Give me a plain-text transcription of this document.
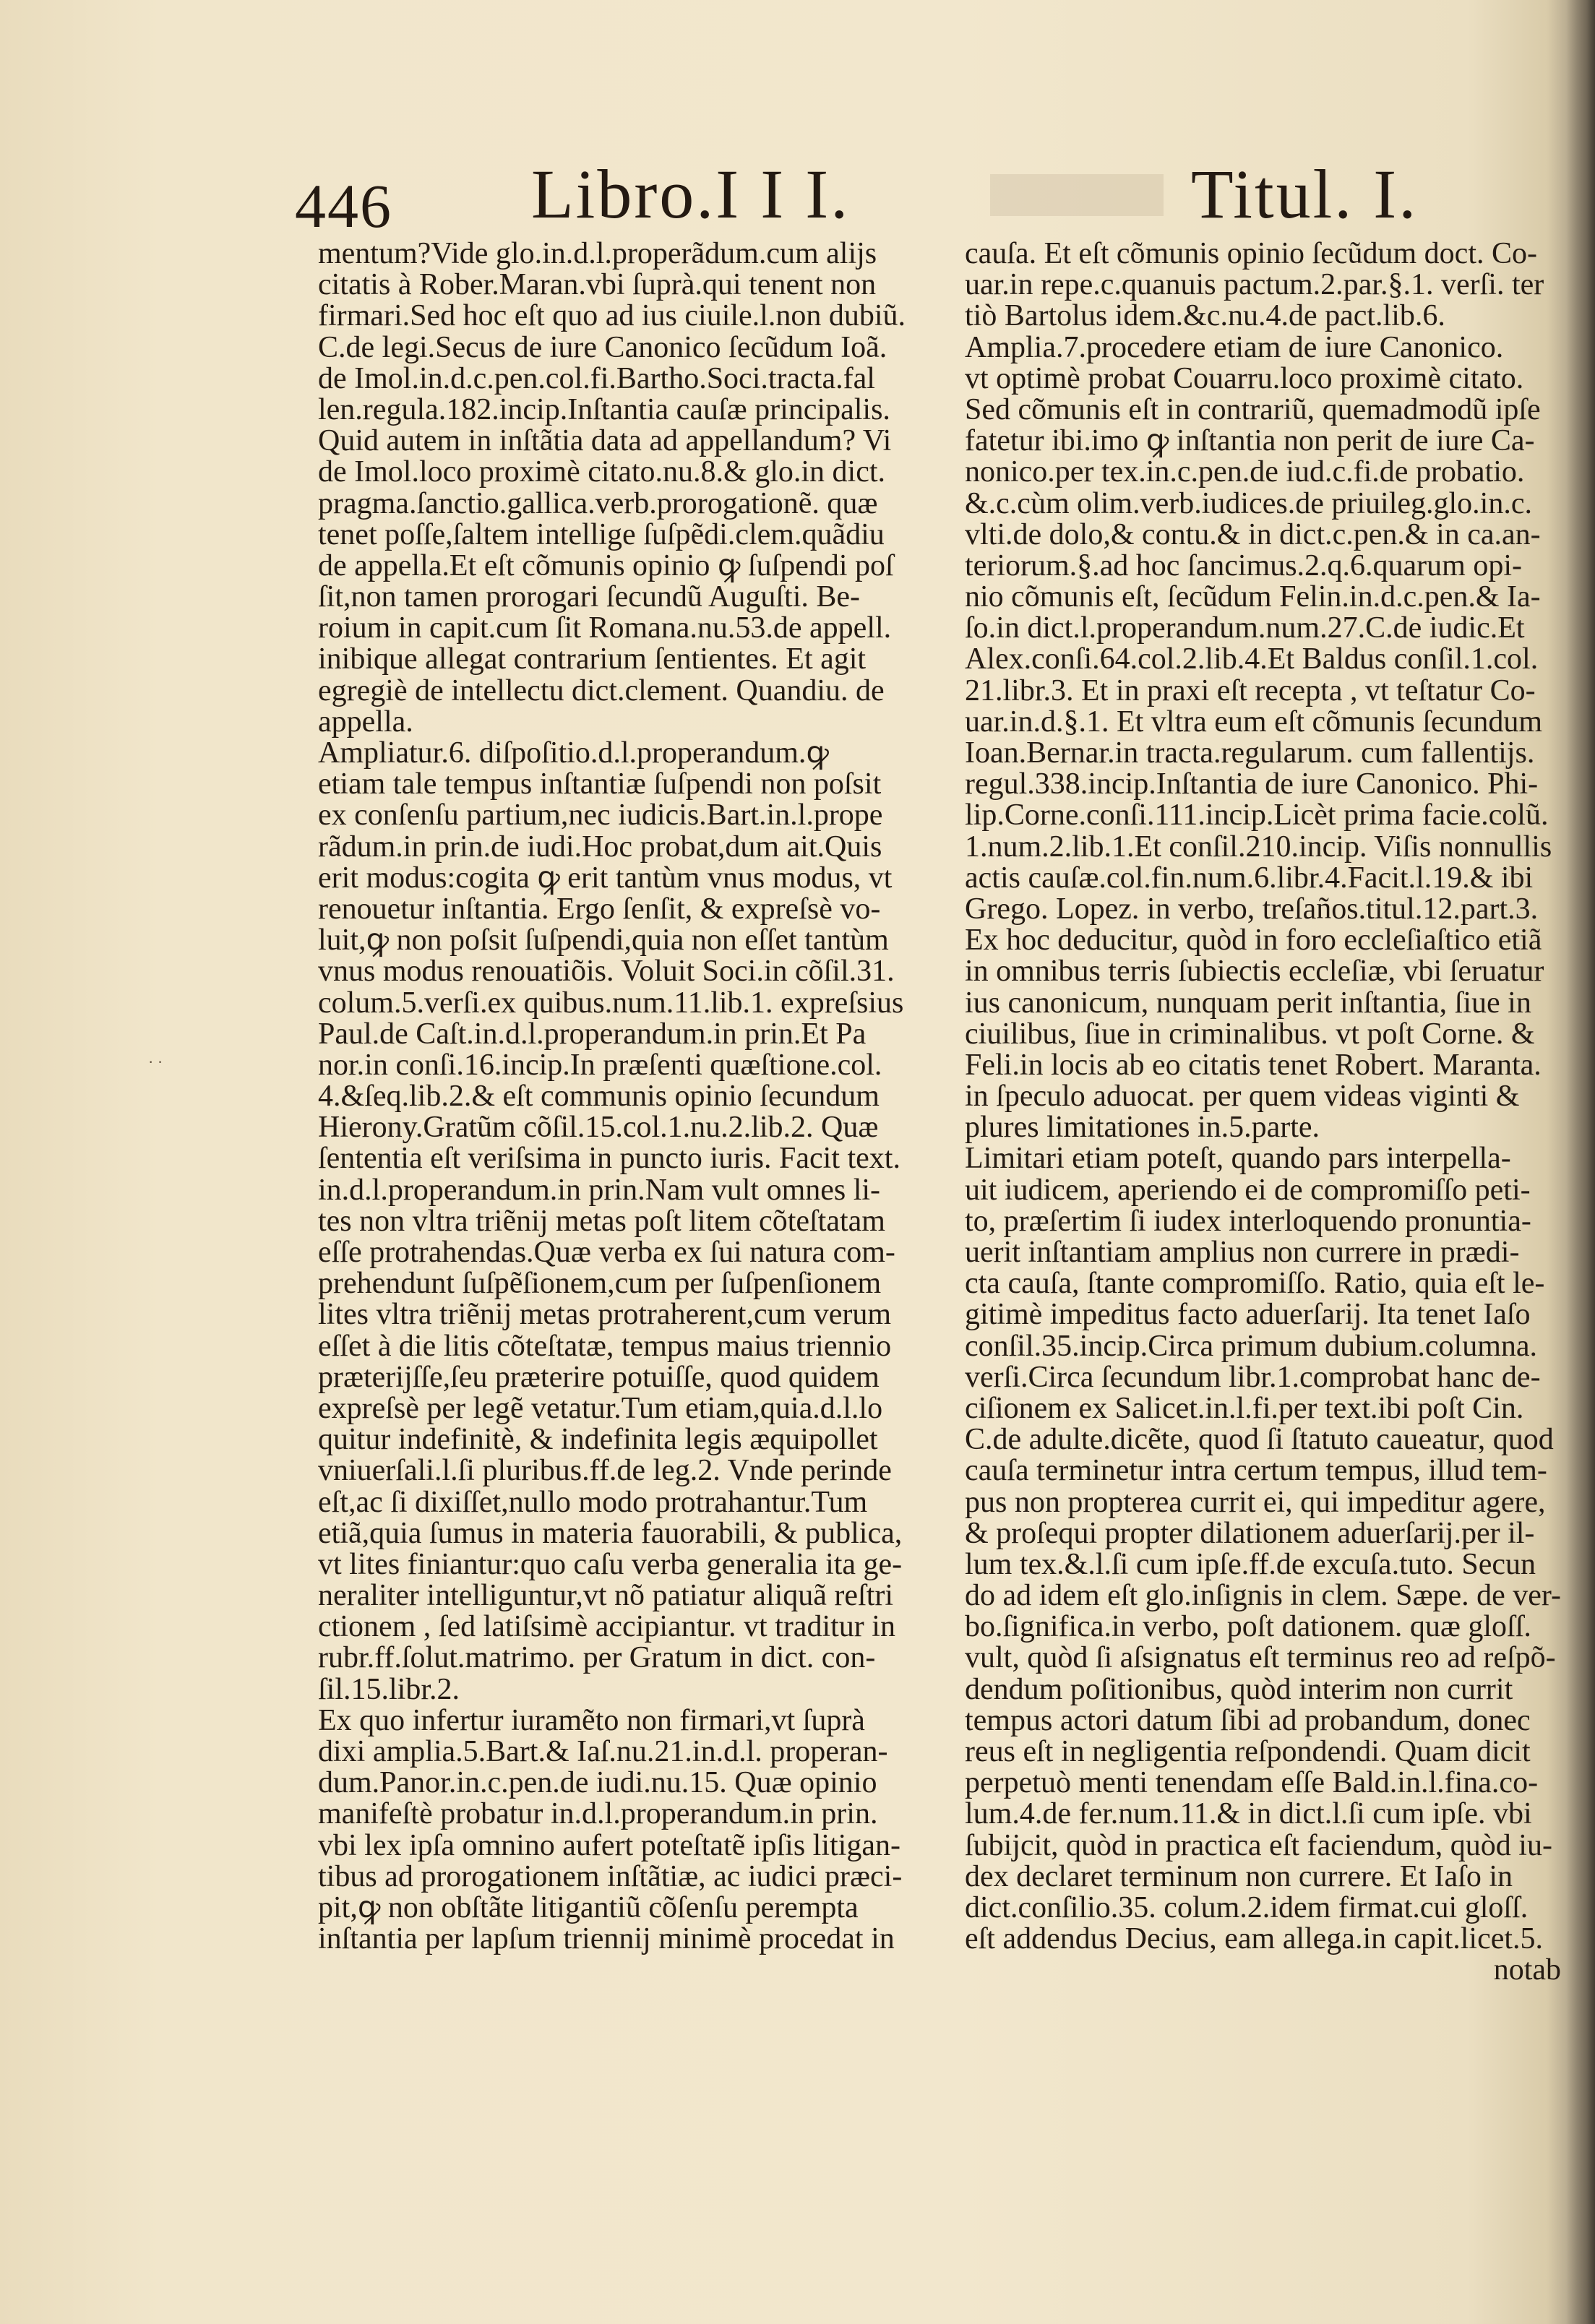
446 Libro.I I I.	Titul. I.
· ·
mentum?Vide glo.in.d.l.properãdum.cum alijs
citatis à Rober.Maran.vbi ſuprà.qui tenent non
firmari.Sed hoc eſt quo ad ius ciuile.l.non dubiũ.
C.de legi.Secus de iure Canonico ſecũdum Ioã.
de Imol.in.d.c.pen.col.fi.Bartho.Soci.tracta.fal
len.regula.182.incip.Inſtantia cauſæ principalis.
Quid autem in inſtãtia data ad appellandum? Vi
de Imol.loco proximè citato.nu.8.& glo.in dict.
pragma.ſanctio.gallica.verb.prorogationẽ. quæ
tenet poſſe,ſaltem intellige ſuſpẽdi.clem.quãdiu
de appella.Et eſt cõmunis opinio ꝙ ſuſpendi poſ
ſit,non tamen prorogari ſecundũ Auguſti. Be-
roium in capit.cum ſit Romana.nu.53.de appell.
inibique allegat contrarium ſentientes. Et agit
egregiè de intellectu dict.clement. Quandiu. de
appella.
Ampliatur.6. diſpoſitio.d.l.properandum.ꝙ
etiam tale tempus inſtantiæ ſuſpendi non poſsit
ex conſenſu partium,nec iudicis.Bart.in.l.prope
rãdum.in prin.de iudi.Hoc probat,dum ait.Quis
erit modus:cogita ꝙ erit tantùm vnus modus, vt
renouetur inſtantia. Ergo ſenſit, & expreſsè vo-
luit,ꝙ non poſsit ſuſpendi,quia non eſſet tantùm
vnus modus renouatiõis. Voluit Soci.in cõſil.31.
colum.5.verſi.ex quibus.num.11.lib.1. expreſsius
Paul.de Caſt.in.d.l.properandum.in prin.Et Pa
nor.in conſi.16.incip.In præſenti quæſtione.col.
4.&ſeq.lib.2.& eſt communis opinio ſecundum
Hierony.Gratũm cõſil.15.col.1.nu.2.lib.2. Quæ
ſententia eſt veriſsima in puncto iuris. Facit text.
in.d.l.properandum.in prin.Nam vult omnes li-
tes non vltra triẽnij metas poſt litem cõteſtatam
eſſe protrahendas.Quæ verba ex ſui natura com-
prehendunt ſuſpẽſionem,cum per ſuſpenſionem
lites vltra triẽnij metas protraherent,cum verum
eſſet à die litis cõteſtatæ, tempus maius triennio
præterijſſe,ſeu præterire potuiſſe, quod quidem
expreſsè per legẽ vetatur.Tum etiam,quia.d.l.lo
quitur indefinitè, & indefinita legis æquipollet
vniuerſali.l.ſi pluribus.ff.de leg.2. Vnde perinde
eſt,ac ſi dixiſſet,nullo modo protrahantur.Tum
etiã,quia ſumus in materia fauorabili, & publica,
vt lites finiantur:quo caſu verba generalia ita ge-
neraliter intelliguntur,vt nõ patiatur aliquã reſtri
ctionem , ſed latiſsimè accipiantur. vt traditur in
rubr.ff.ſolut.matrimo. per Gratum in dict. con-
ſil.15.libr.2.
Ex quo infertur iuramẽto non firmari,vt ſuprà
dixi amplia.5.Bart.& Iaſ.nu.21.in.d.l. properan-
dum.Panor.in.c.pen.de iudi.nu.15. Quæ opinio
manifeſtè probatur in.d.l.properandum.in prin.
vbi lex ipſa omnino aufert poteſtatẽ ipſis litigan-
tibus ad prorogationem inſtãtiæ, ac iudici præci-
pit,ꝙ non obſtãte litigantiũ cõſenſu perempta
inſtantia per lapſum triennij minimè procedat in
cauſa. Et eſt cõmunis opinio ſecũdum doct. Co-
uar.in repe.c.quanuis pactum.2.par.§.1. verſi. ter
tiò Bartolus idem.&c.nu.4.de pact.lib.6.
Amplia.7.procedere etiam de iure Canonico.
vt optimè probat Couarru.loco proximè citato.
Sed cõmunis eſt in contrariũ, quemadmodũ ipſe
fatetur ibi.imo ꝙ inſtantia non perit de iure Ca-
nonico.per tex.in.c.pen.de iud.c.fi.de probatio.
&.c.cùm olim.verb.iudices.de priuileg.glo.in.c.
vlti.de dolo,& contu.& in dict.c.pen.& in ca.an-
teriorum.§.ad hoc ſancimus.2.q.6.quarum opi-
nio cõmunis eſt, ſecũdum Felin.in.d.c.pen.& Ia-
ſo.in dict.l.properandum.num.27.C.de iudic.Et
Alex.conſi.64.col.2.lib.4.Et Baldus conſil.1.col.
21.libr.3. Et in praxi eſt recepta , vt teſtatur Co-
uar.in.d.§.1. Et vltra eum eſt cõmunis ſecundum
Ioan.Bernar.in tracta.regularum. cum fallentijs.
regul.338.incip.Inſtantia de iure Canonico. Phi-
lip.Corne.conſi.111.incip.Licèt prima facie.colũ.
1.num.2.lib.1.Et conſil.210.incip. Viſis nonnullis
actis cauſæ.col.fin.num.6.libr.4.Facit.l.19.& ibi
Grego. Lopez. in verbo, treſaños.titul.12.part.3.
Ex hoc deducitur, quòd in foro eccleſiaſtico etiã
in omnibus terris ſubiectis eccleſiæ, vbi ſeruatur
ius canonicum, nunquam perit inſtantia, ſiue in
ciuilibus, ſiue in criminalibus. vt poſt Corne. &
Feli.in locis ab eo citatis tenet Robert. Maranta.
in ſpeculo aduocat. per quem videas viginti &
plures limitationes in.5.parte.
Limitari etiam poteſt, quando pars interpella-
uit iudicem, aperiendo ei de compromiſſo peti-
to, præſertim ſi iudex interloquendo pronuntia-
uerit inſtantiam amplius non currere in prædi-
cta cauſa, ſtante compromiſſo. Ratio, quia eſt le-
gitimè impeditus facto aduerſarij. Ita tenet Iaſo
conſil.35.incip.Circa primum dubium.columna.
verſi.Circa ſecundum libr.1.comprobat hanc de-
ciſionem ex Salicet.in.l.fi.per text.ibi poſt Cin.
C.de adulte.dicẽte, quod ſi ſtatuto caueatur, quod
cauſa terminetur intra certum tempus, illud tem-
pus non propterea currit ei, qui impeditur agere,
& proſequi propter dilationem aduerſarij.per il-
lum tex.&.l.ſi cum ipſe.ff.de excuſa.tuto. Secun
do ad idem eſt glo.inſignis in clem. Sæpe. de ver-
bo.ſignifica.in verbo, poſt dationem. quæ gloſſ.
vult, quòd ſi aſsignatus eſt terminus reo ad reſpõ-
dendum poſitionibus, quòd interim non currit
tempus actori datum ſibi ad probandum, donec
reus eſt in negligentia reſpondendi. Quam dicit
perpetuò menti tenendam eſſe Bald.in.l.fina.co-
lum.4.de fer.num.11.& in dict.l.ſi cum ipſe. vbi
ſubijcit, quòd in practica eſt faciendum, quòd iu-
dex declaret terminum non currere. Et Iaſo in
dict.conſilio.35. colum.2.idem firmat.cui gloſſ.
eſt addendus Decius, eam allega.in capit.licet.5.
notab
